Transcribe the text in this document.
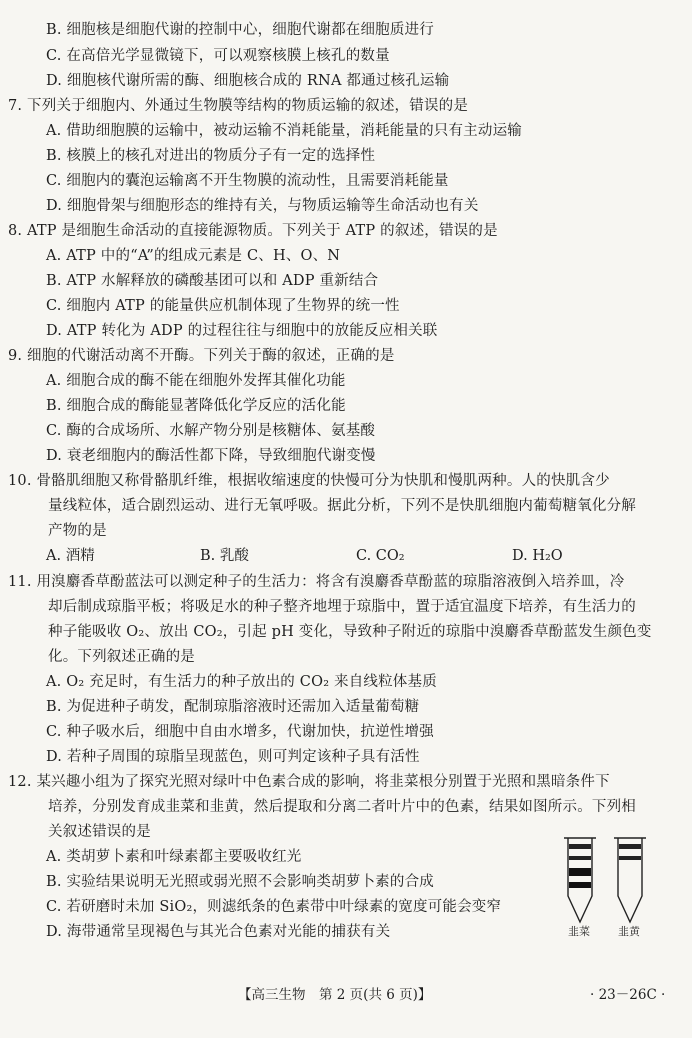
B. 细胞核是细胞代谢的控制中心，细胞代谢都在细胞质进行
C. 在高倍光学显微镜下，可以观察核膜上核孔的数量
D. 细胞核代谢所需的酶、细胞核合成的 RNA 都通过核孔运输
7. 下列关于细胞内、外通过生物膜等结构的物质运输的叙述，错误的是
A. 借助细胞膜的运输中，被动运输不消耗能量，消耗能量的只有主动运输
B. 核膜上的核孔对进出的物质分子有一定的选择性
C. 细胞内的囊泡运输离不开生物膜的流动性，且需要消耗能量
D. 细胞骨架与细胞形态的维持有关，与物质运输等生命活动也有关
8. ATP 是细胞生命活动的直接能源物质。下列关于 ATP 的叙述，错误的是
A. ATP 中的“A”的组成元素是 C、H、O、N
B. ATP 水解释放的磷酸基团可以和 ADP 重新结合
C. 细胞内 ATP 的能量供应机制体现了生物界的统一性
D. ATP 转化为 ADP 的过程往往与细胞中的放能反应相关联
9. 细胞的代谢活动离不开酶。下列关于酶的叙述，正确的是
A. 细胞合成的酶不能在细胞外发挥其催化功能
B. 细胞合成的酶能显著降低化学反应的活化能
C. 酶的合成场所、水解产物分别是核糖体、氨基酸
D. 衰老细胞内的酶活性都下降，导致细胞代谢变慢
10. 骨骼肌细胞又称骨骼肌纤维，根据收缩速度的快慢可分为快肌和慢肌两种。人的快肌含少
量线粒体，适合剧烈运动、进行无氧呼吸。据此分析，下列不是快肌细胞内葡萄糖氧化分解
产物的是
11. 用溴麝香草酚蓝法可以测定种子的生活力：将含有溴麝香草酚蓝的琼脂溶液倒入培养皿，冷
却后制成琼脂平板；将吸足水的种子整齐地埋于琼脂中，置于适宜温度下培养，有生活力的
种子能吸收 O₂、放出 CO₂，引起 pH 变化，导致种子附近的琼脂中溴麝香草酚蓝发生颜色变
化。下列叙述正确的是
A. O₂ 充足时，有生活力的种子放出的 CO₂ 来自线粒体基质
B. 为促进种子萌发，配制琼脂溶液时还需加入适量葡萄糖
C. 种子吸水后，细胞中自由水增多，代谢加快，抗逆性增强
D. 若种子周围的琼脂呈现蓝色，则可判定该种子具有活性
12. 某兴趣小组为了探究光照对绿叶中色素合成的影响，将韭菜根分别置于光照和黑暗条件下
培养，分别发育成韭菜和韭黄，然后提取和分离二者叶片中的色素，结果如图所示。下列相
关叙述错误的是
A. 类胡萝卜素和叶绿素都主要吸收红光
B. 实验结果说明无光照或弱光照不会影响类胡萝卜素的合成
C. 若研磨时未加 SiO₂，则滤纸条的色素带中叶绿素的宽度可能会变窄
D. 海带通常呈现褐色与其光合色素对光能的捕获有关
A. 酒精	B. 乳酸	C. CO₂	D. H₂O
韭菜	韭黄
【高三生物　第 2 页(共 6 页)】	· 23－26C ·
